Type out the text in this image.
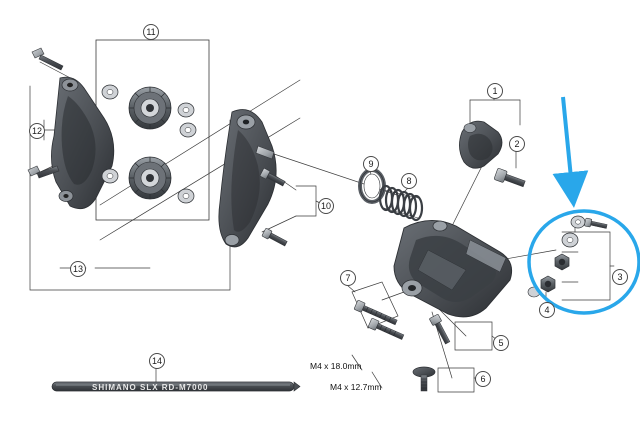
1
2
3
4
5
6
7
8
9
10
11
12
13
14	M4 x 18.0mm
M4 x 12.7mm
SHIMANO SLX RD-M7000
